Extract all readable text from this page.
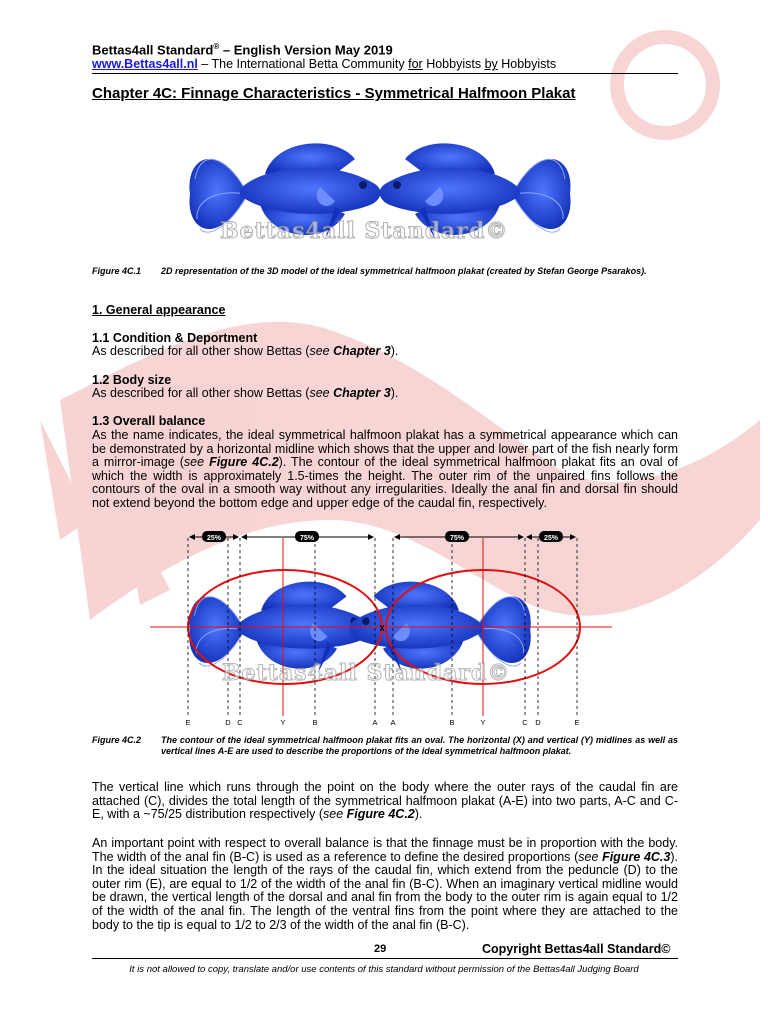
Bettas4all Standard® – English Version May 2019
www.Bettas4all.nl – The International Betta Community for Hobbyists by Hobbyists
Chapter 4C: Finnage Characteristics - Symmetrical Halfmoon Plakat
Bettas4all Standard©
Figure 4C.1	2D representation of the 3D model of the ideal symmetrical halfmoon plakat (created by Stefan George Psarakos).
1. General appearance
1.1 Condition & Deportment
As described for all other show Bettas (see Chapter 3).
1.2 Body size
As described for all other show Bettas (see Chapter 3).
1.3 Overall balance
As the name indicates, the ideal symmetrical halfmoon plakat has a symmetrical appearance which can be demonstrated by a horizontal midline which shows that the upper and lower part of the fish nearly form a mirror-image (see Figure 4C.2). The contour of the ideal symmetrical halfmoon plakat fits an oval of which the width is approximately 1.5-times the height. The outer rim of the unpaired fins follows the contours of the oval in a smooth way without any irregularities. Ideally the anal fin and dorsal fin should not extend beyond the bottom edge and upper edge of the caudal fin, respectively.
25%	75%	75%	25%
X
E	D C	Y	B	A A	B	Y	C D	E
Bettas4all Standard©
Figure 4C.2	The contour of the ideal symmetrical halfmoon plakat fits an oval. The horizontal (X) and vertical (Y) midlines as well as vertical lines A-E are used to describe the proportions of the ideal symmetrical halfmoon plakat.
The vertical line which runs through the point on the body where the outer rays of the caudal fin are attached (C), divides the total length of the symmetrical halfmoon plakat (A-E) into two parts, A-C and C-E, with a ~75/25 distribution respectively (see Figure 4C.2).
An important point with respect to overall balance is that the finnage must be in proportion with the body. The width of the anal fin (B-C) is used as a reference to define the desired proportions (see Figure 4C.3). In the ideal situation the length of the rays of the caudal fin, which extend from the peduncle (D) to the outer rim (E), are equal to 1/2 of the width of the anal fin (B-C). When an imaginary vertical midline would be drawn, the vertical length of the dorsal and anal fin from the body to the outer rim is again equal to 1/2 of the width of the anal fin. The length of the ventral fins from the point where they are attached to the body to the tip is equal to 1/2 to 2/3 of the width of the anal fin (B-C).
29	Copyright Bettas4all Standard©
It is not allowed to copy, translate and/or use contents of this standard without permission of the Bettas4all Judging Board
